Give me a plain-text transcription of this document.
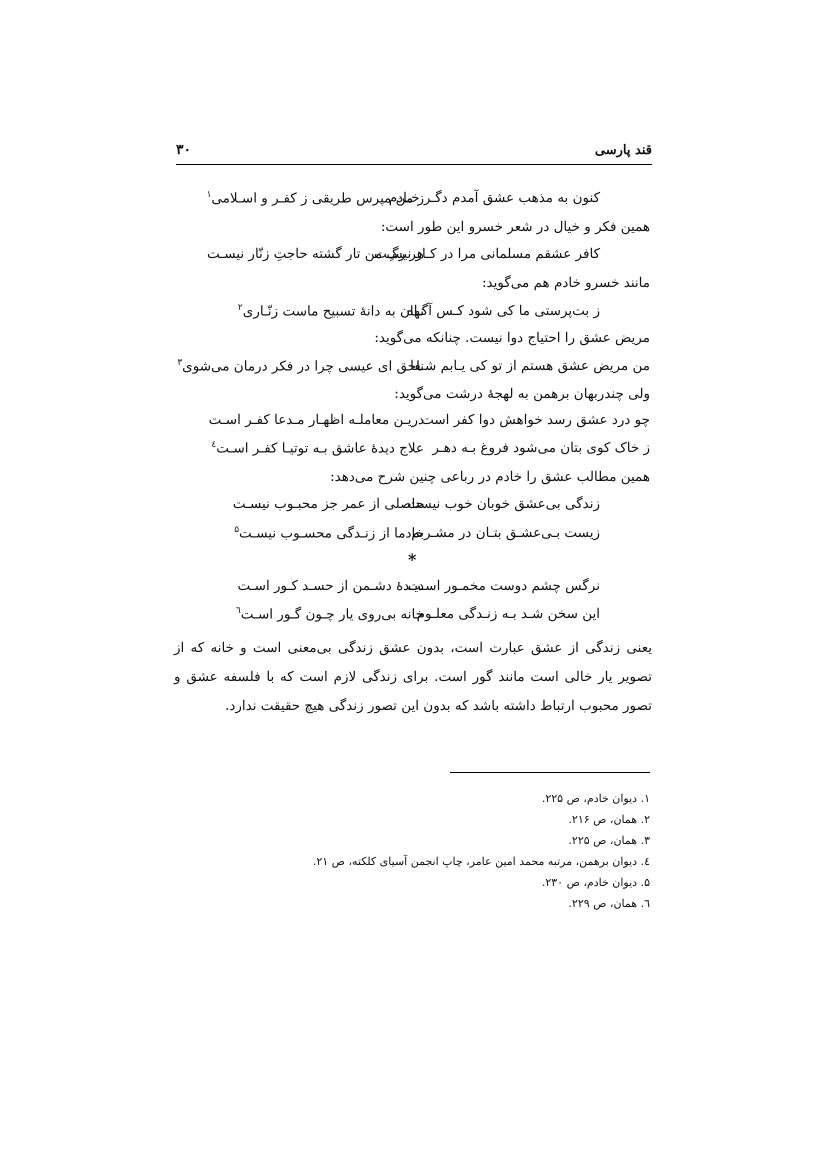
قند پارسی
۳۰
کنون به مذهب عشق آمدم دگـر خـادم
ز من مپرس طریقی ز کفـر و اسـلامی$^۱$
همین فکر و خیال در شعر خسرو این طور است:
کافر عشقم مسلمانی مرا در کـار نیسـت
هر رگِ من تار گشته حاجتِ زنّار نیسـت
مانند خسرو خادم هم می‌گوید:
ز بت‌پرستی ما کی شود کـس آگـاه
نهان به دانهٔ تسبیح ماست زنّـاری$^۲$
مریض عشق را احتیاج دوا نیست. چنانکه می‌گوید:
من مریض عشق هستم از تو کی یـابم شـفا
ناحق ای عیسی چرا در فکر درمان می‌شوی$^۳$
ولی چندربهان برهمن به لهجهٔ درشت می‌گوید:
چو درد عشق رسد خواهش دوا کفر است
دریـن معاملـه اظهـار مـدعا کفـر اسـت
ز خاک کوی بتان می‌شود فروغ بـه دهـر
علاج دیدهٔ عاشق بـه توتیـا کفـر اسـت$^٤$
همین مطالب عشق را خادم در رباعی چنین شرح می‌دهد:
زندگی بی‌عشق خوبان خوب نیست
حاصلی از عمر جز محبـوب نیسـت
زیست بـی‌عشـق بتـان در مشـربم
خادما از زنـدگی محسـوب نیسـت$^۵$
*
نرگس چشم دوست مخمـور اسـت
دیـدهٔ دشـمن از حسـد کـور اسـت
این سخن شـد بـه زنـدگی معلـوم
خانه بی‌روی یار چـون گـور اسـت$^٦$
یعنی زندگی از عشق عبارت است، بدون عشق زندگی بی‌معنی است و خانه که از تصویر یار خالی است مانند گور است. برای زندگی لازم است که با فلسفه عشق و تصور محبوب ارتباط داشته باشد که بدون این تصور زندگی هیچ حقیقت ندارد.
۱. دیوان خادم، ص ۲۲۵.
۲. همان، ص ۲۱۶.
۳. همان، ص ۲۲۵.
٤. دیوان برهمن، مرتبه محمد امین عامر، چاپ انجمن آسیای کلکته، ص ۲۱.
۵. دیوان خادم، ص ۲۳۰.
٦. همان، ص ۲۲۹.
